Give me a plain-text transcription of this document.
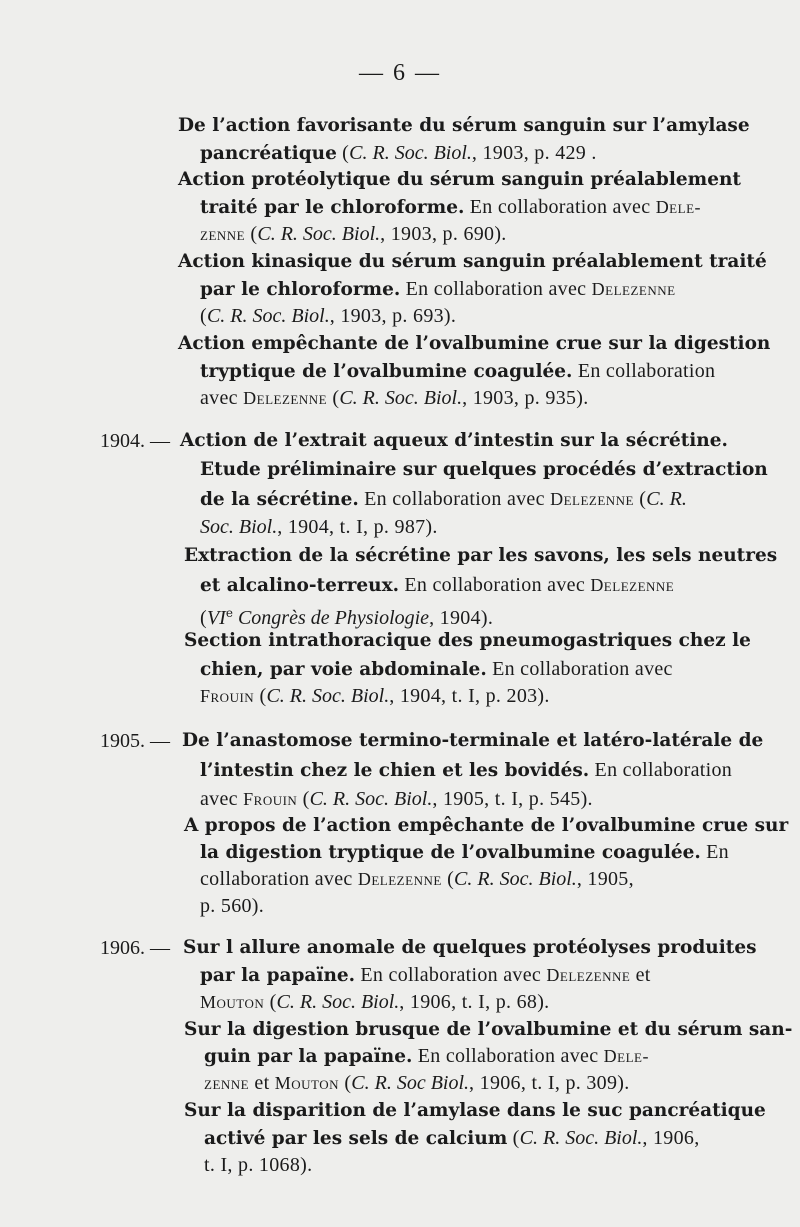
— 6 —
De l’action favorisante du sérum sanguin sur l’amylase
pancréatique (C. R. Soc. Biol., 1903, p. 429 .
Action protéolytique du sérum sanguin préalablement
traité par le chloroforme. En collaboration avec Dele-
zenne (C. R. Soc. Biol., 1903, p. 690).
Action kinasique du sérum sanguin préalablement traité
par le chloroforme. En collaboration avec Delezenne
(C. R. Soc. Biol., 1903, p. 693).
Action empêchante de l’ovalbumine crue sur la digestion
tryptique de l’ovalbumine coagulée. En collaboration
avec Delezenne (C. R. Soc. Biol., 1903, p. 935).
1904. — Action de l’extrait aqueux d’intestin sur la sécrétine.
Etude préliminaire sur quelques procédés d’extraction
de la sécrétine. En collaboration avec Delezenne (C. R.
Soc. Biol., 1904, t. I, p. 987).
Extraction de la sécrétine par les savons, les sels neutres
et alcalino-terreux. En collaboration avec Delezenne
(VIe Congrès de Physiologie, 1904).
Section intrathoracique des pneumogastriques chez le
chien, par voie abdominale. En collaboration avec
Frouin (C. R. Soc. Biol., 1904, t. I, p. 203).
1905. — De l’anastomose termino-terminale et latéro-latérale de
l’intestin chez le chien et les bovidés. En collaboration
avec Frouin (C. R. Soc. Biol., 1905, t. I, p. 545).
A propos de l’action empêchante de l’ovalbumine crue sur
la digestion tryptique de l’ovalbumine coagulée. En
collaboration avec Delezenne (C. R. Soc. Biol., 1905,
p. 560).
1906. — Sur l allure anomale de quelques protéolyses produites
par la papaïne. En collaboration avec Delezenne et
Mouton (C. R. Soc. Biol., 1906, t. I, p. 68).
Sur la digestion brusque de l’ovalbumine et du sérum san-
guin par la papaïne. En collaboration avec Dele-
zenne et Mouton (C. R. Soc Biol., 1906, t. I, p. 309).
Sur la disparition de l’amylase dans le suc pancréatique
activé par les sels de calcium (C. R. Soc. Biol., 1906,
t. I, p. 1068).
